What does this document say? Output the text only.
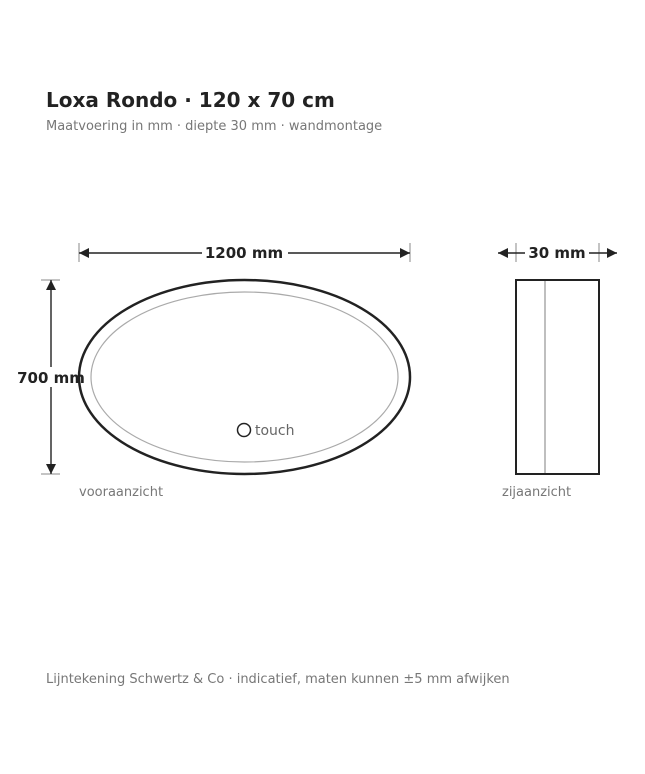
Loxa Rondo · 120 x 70 cm
Maatvoering in mm · diepte 30 mm · wandmontage
1200 mm
700 mm
touch
vooraanzicht
30 mm
zijaanzicht
Lijntekening Schwertz & Co · indicatief, maten kunnen ±5 mm afwijken
